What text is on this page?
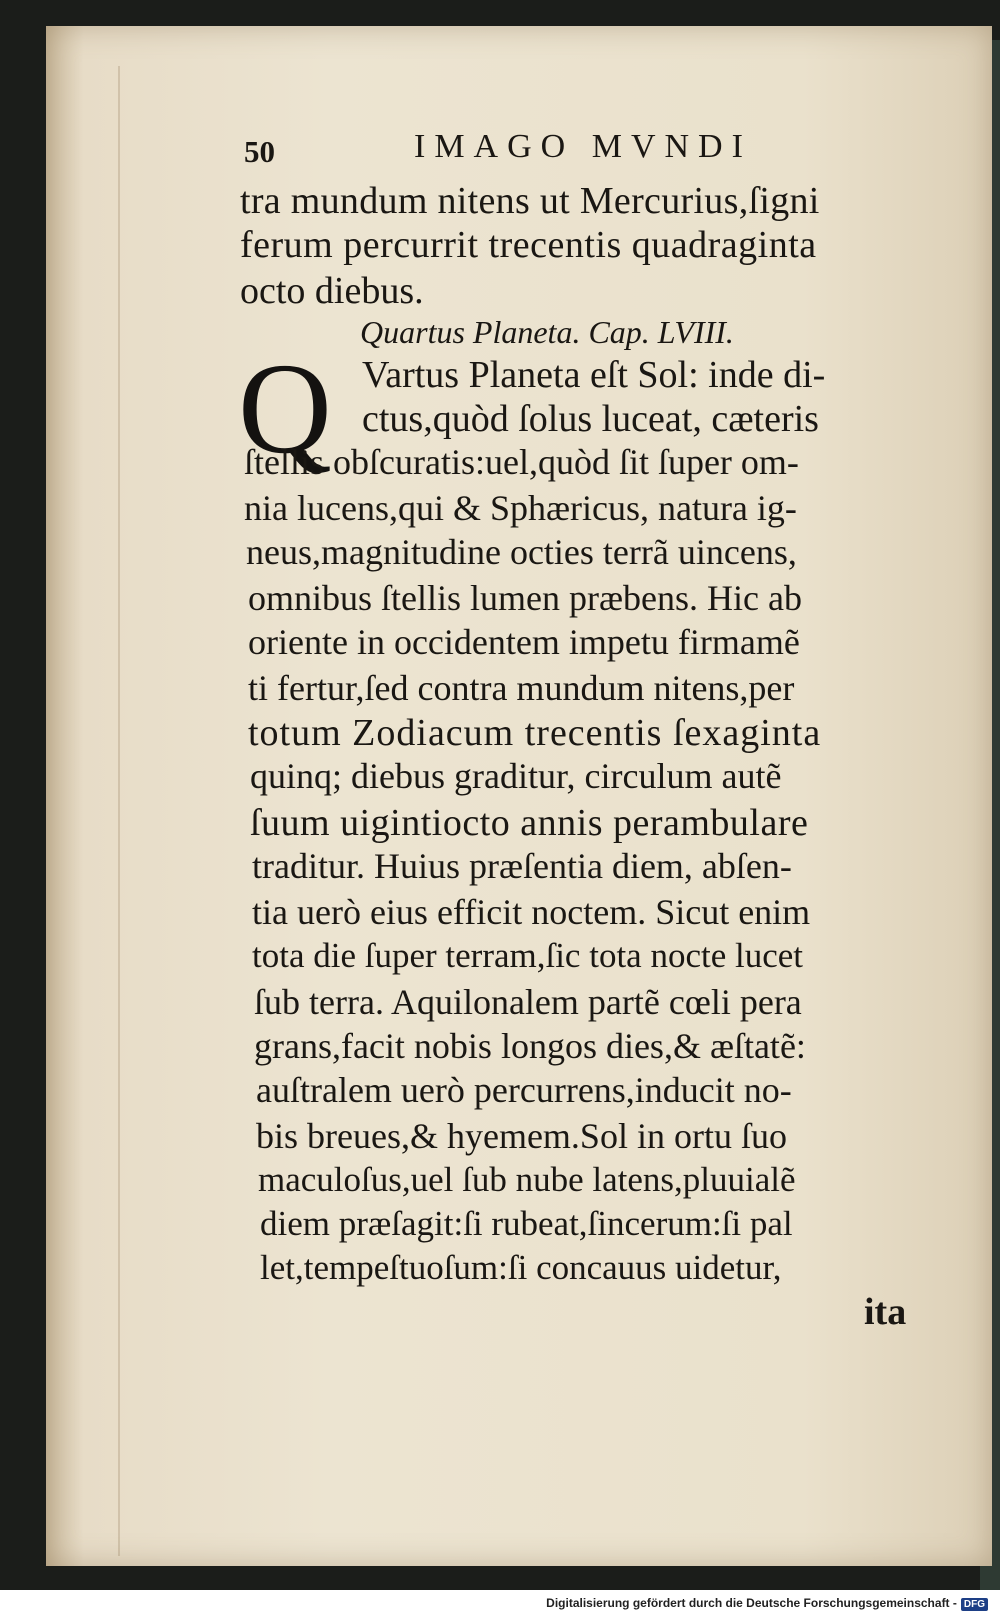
50	IMAGO MVNDI
tra mundum nitens ut Mercurius,ſigni
ferum percurrit trecentis quadraginta
octo diebus.
Quartus Planeta. Cap. LVIII.
Q Vartus Planeta eſt Sol: inde di-
ctus,quòd ſolus luceat, cæteris
ſtellis obſcuratis:uel,quòd ſit ſuper om-
nia lucens,qui & Sphæricus, natura ig-
neus,magnitudine octies terrã uincens,
omnibus ſtellis lumen præbens. Hic ab
oriente in occidentem impetu firmamẽ
ti fertur,ſed contra mundum nitens,per
totum Zodiacum trecentis ſexaginta
quinq; diebus graditur, circulum autẽ
ſuum uigintiocto annis perambulare
traditur. Huius præſentia diem, abſen-
tia uerò eius efficit noctem. Sicut enim
tota die ſuper terram,ſic tota nocte lucet
ſub terra. Aquilonalem partẽ cœli pera
grans,facit nobis longos dies,& æſtatẽ:
auſtralem uerò percurrens,inducit no-
bis breues,& hyemem.Sol in ortu ſuo
maculoſus,uel ſub nube latens,pluuialẽ
diem præſagit:ſi rubeat,ſincerum:ſi pal
let,tempeſtuoſum:ſi concauus uidetur,
ita
Digitalisierung gefördert durch die Deutsche Forschungsgemeinschaft - DFG
